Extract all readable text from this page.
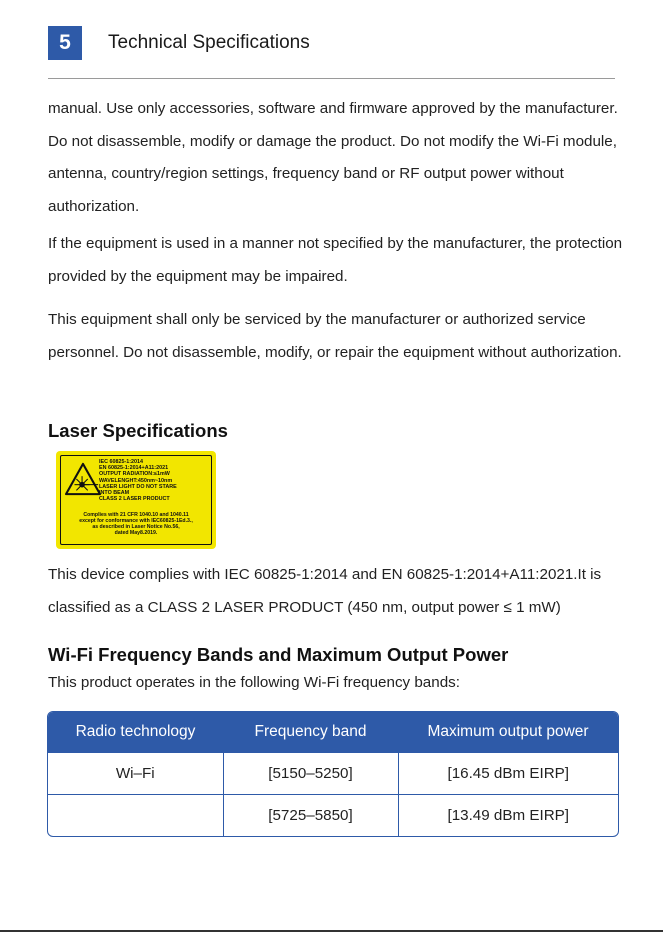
5	Technical Specifications

manual. Use only accessories, software and firmware approved by the manufacturer. Do not disassemble, modify or damage the product. Do not modify the Wi-Fi module, antenna, country/region settings, frequency band or RF output power without authorization.

If the equipment is used in a manner not specified by the manufacturer, the protection provided by the equipment may be impaired.

This equipment shall only be serviced by the manufacturer or authorized service personnel. Do not disassemble, modify, or repair the equipment without authorization.

Laser Specifications
IEC 60825-1:2014
EN 60825-1:2014+A11:2021
OUTPUT RADIATION:≤1mW
WAVELENGHT:450nm~10nm
LASER LIGHT DO NOT STARE
INTO BEAM
CLASS 2 LASER PRODUCT
Complies with 21 CFR 1040.10 and 1040.11
except for conformance with IEC60825-1Ed.3.,
as described in Laser Notice No.56,
dated May8.2019.

This device complies with IEC 60825-1:2014 and EN 60825-1:2014+A11:2021.It is classified as a CLASS 2 LASER PRODUCT (450 nm, output power ≤ 1 mW)

Wi-Fi Frequency Bands and Maximum Output Power

This product operates in the following Wi-Fi frequency bands:

Radio technology	Frequency band	Maximum output power
Wi–Fi	[5150–5250]	[16.45 dBm EIRP]
	[5725–5850]	[13.49 dBm EIRP]
